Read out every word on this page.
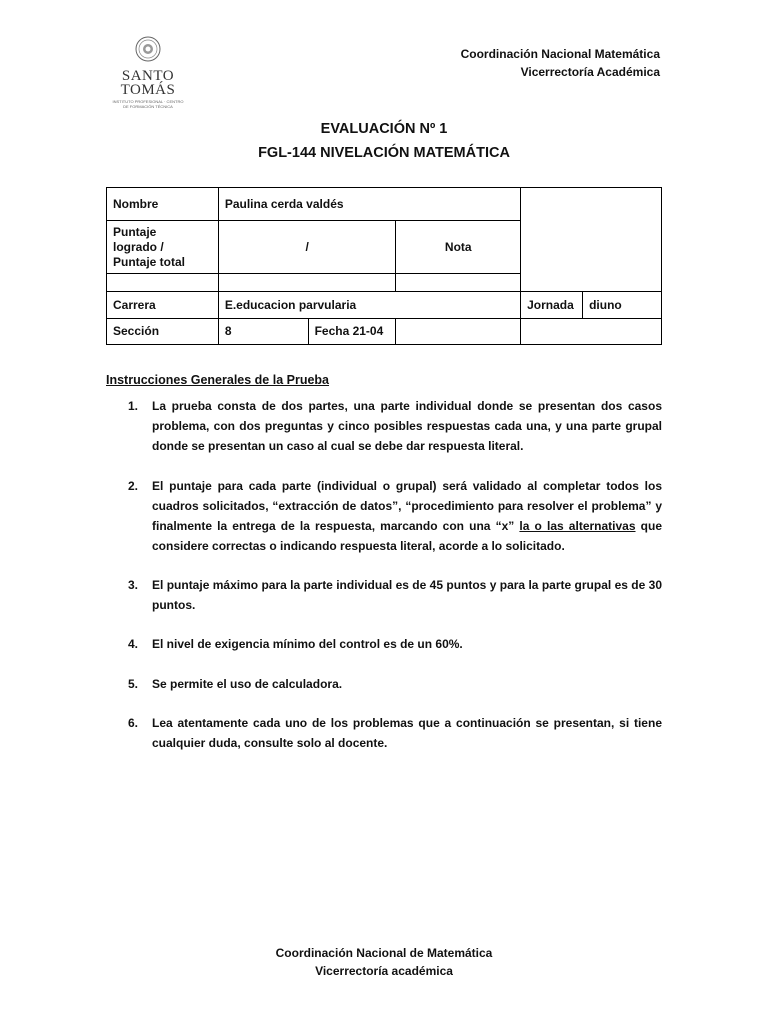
SANTO
TOMÁS
INSTITUTO PROFESIONAL · CENTRO DE FORMACIÓN TÉCNICA
Coordinación Nacional Matemática
Vicerrectoría Académica
EVALUACIÓN Nº 1
FGL-144 NIVELACIÓN MATEMÁTICA
Nombre	Paulina cerda valdés				

Puntaje
logrado /
Puntaje total	/		Nota		

Carrera	E.educacion parvularia			Jornada	diuno
Sección	8	Fecha 21-04			
Instrucciones Generales de la Prueba
1. La prueba consta de dos partes, una parte individual donde se presentan dos casos problema, con dos preguntas y cinco posibles respuestas cada una, y una parte grupal donde se presentan un caso al cual se debe dar respuesta literal.
2. El puntaje para cada parte (individual o grupal) será validado al completar todos los cuadros solicitados, “extracción de datos”, “procedimiento para resolver el problema” y finalmente la entrega de la respuesta, marcando con una “x” la o las alternativas que considere correctas o indicando respuesta literal, acorde a lo solicitado.
3. El puntaje máximo para la parte individual es de 45 puntos y para la parte grupal es de 30 puntos.
4. El nivel de exigencia mínimo del control es de un 60%.
5. Se permite el uso de calculadora.
6. Lea atentamente cada uno de los problemas que a continuación se presentan, si tiene cualquier duda, consulte solo al docente.
Coordinación Nacional de Matemática
Vicerrectoría académica
